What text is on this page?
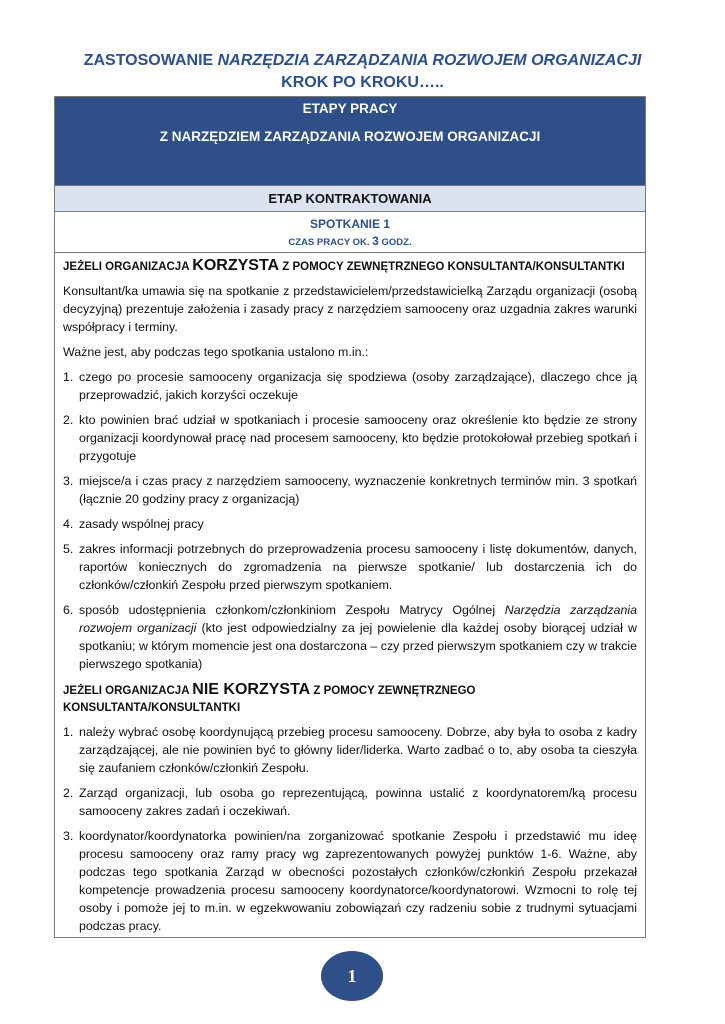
ZASTOSOWANIE NARZĘDZIA ZARZĄDZANIA ROZWOJEM ORGANIZACJI
KROK PO KROKU…..
ETAPY PRACY
Z NARZĘDZIEM ZARZĄDZANIA ROZWOJEM ORGANIZACJI
ETAP KONTRAKTOWANIA
SPOTKANIE 1
CZAS PRACY OK. 3 GODZ.
JEŻELI ORGANIZACJA KORZYSTA Z POMOCY ZEWNĘTRZNEGO KONSULTANTA/KONSULTANTKI

Konsultant/ka umawia się na spotkanie z przedstawicielem/przedstawicielką Zarządu organizacji (osobą decyzyjną) prezentuje założenia i zasady pracy z narzędziem samooceny oraz uzgadnia zakres warunki współpracy i terminy.

Ważne jest, aby podczas tego spotkania ustalono m.in.:

1. czego po procesie samooceny organizacja się spodziewa (osoby zarządzające), dlaczego chce ją przeprowadzić, jakich korzyści oczekuje
2. kto powinien brać udział w spotkaniach i procesie samooceny oraz określenie kto będzie ze strony organizacji koordynował pracę nad procesem samooceny, kto będzie protokołował przebieg spotkań i przygotuje
3. miejsce/a i czas pracy z narzędziem samooceny, wyznaczenie konkretnych terminów min. 3 spotkań (łącznie 20 godziny pracy z organizacją)
4. zasady wspólnej pracy
5. zakres informacji potrzebnych do przeprowadzenia procesu samooceny i listę dokumentów, danych, raportów koniecznych do zgromadzenia na pierwsze spotkanie/ lub dostarczenia ich do członków/członkiń Zespołu przed pierwszym spotkaniem.
6. sposób udostępnienia członkom/członkiniom Zespołu Matrycy Ogólnej Narzędzia zarządzania rozwojem organizacji (kto jest odpowiedzialny za jej powielenie dla każdej osoby biorącej udział w spotkaniu; w którym momencie jest ona dostarczona – czy przed pierwszym spotkaniem czy w trakcie pierwszego spotkania)
JEŻELI ORGANIZACJA NIE KORZYSTA Z POMOCY ZEWNĘTRZNEGO KONSULTANTA/KONSULTANTKI
1. należy wybrać osobę koordynującą przebieg procesu samooceny. Dobrze, aby była to osoba z kadry zarządzającej, ale nie powinien być to główny lider/liderka. Warto zadbać o to, aby osoba ta cieszyła się zaufaniem członków/członkiń Zespołu.
2. Zarząd organizacji, lub osoba go reprezentującą, powinna ustalić z koordynatorem/ką procesu samooceny zakres zadań i oczekiwań.
3. koordynator/koordynatorka powinien/na zorganizować spotkanie Zespołu i przedstawić mu ideę procesu samooceny oraz ramy pracy wg zaprezentowanych powyżej punktów 1-6. Ważne, aby podczas tego spotkania Zarząd w obecności pozostałych członków/członkiń Zespołu przekazał kompetencje prowadzenia procesu samooceny koordynatorce/koordynatorowi. Wzmocni to rolę tej osoby i pomoże jej to m.in. w egzekwowaniu zobowiązań czy radzeniu sobie z trudnymi sytuacjami podczas pracy.
1
